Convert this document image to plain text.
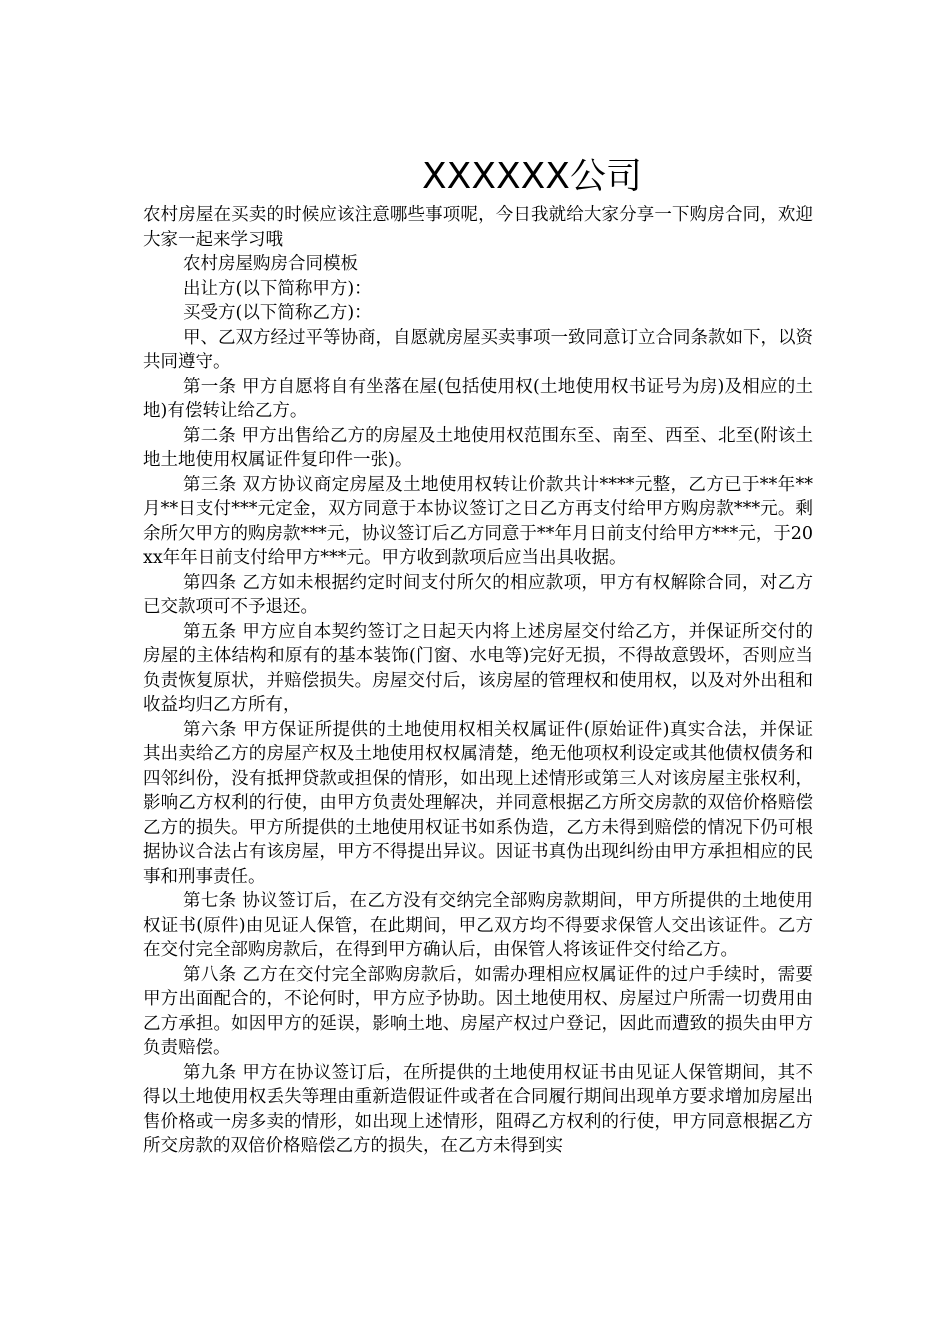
XXXXXX公司

农村房屋在买卖的时候应该注意哪些事项呢，今日我就给大家分享一下购房合同，欢迎大家一起来学习哦

农村房屋购房合同模板

出让方(以下简称甲方)：

买受方(以下简称乙方)：

甲、乙双方经过平等协商，自愿就房屋买卖事项一致同意订立合同条款如下，以资共同遵守。

第一条 甲方自愿将自有坐落在屋(包括使用权(土地使用权书证号为房)及相应的土地)有偿转让给乙方。

第二条 甲方出售给乙方的房屋及土地使用权范围东至、南至、西至、北至(附该土地土地使用权属证件复印件一张)。

第三条 双方协议商定房屋及土地使用权转让价款共计****元整，乙方已于**年**月**日支付***元定金，双方同意于本协议签订之日乙方再支付给甲方购房款***元。剩余所欠甲方的购房款***元，协议签订后乙方同意于**年月日前支付给甲方***元，于20xx年年日前支付给甲方***元。甲方收到款项后应当出具收据。

第四条 乙方如未根据约定时间支付所欠的相应款项，甲方有权解除合同，对乙方已交款项可不予退还。

第五条 甲方应自本契约签订之日起天内将上述房屋交付给乙方，并保证所交付的房屋的主体结构和原有的基本装饰(门窗、水电等)完好无损，不得故意毁坏，否则应当负责恢复原状，并赔偿损失。房屋交付后，该房屋的管理权和使用权，以及对外出租和收益均归乙方所有，

第六条 甲方保证所提供的土地使用权相关权属证件(原始证件)真实合法，并保证其出卖给乙方的房屋产权及土地使用权权属清楚，绝无他项权利设定或其他债权债务和四邻纠份，没有抵押贷款或担保的情形，如出现上述情形或第三人对该房屋主张权利，影响乙方权利的行使，由甲方负责处理解决，并同意根据乙方所交房款的双倍价格赔偿乙方的损失。甲方所提供的土地使用权证书如系伪造，乙方未得到赔偿的情况下仍可根据协议合法占有该房屋，甲方不得提出异议。因证书真伪出现纠纷由甲方承担相应的民事和刑事责任。

第七条 协议签订后，在乙方没有交纳完全部购房款期间，甲方所提供的土地使用权证书(原件)由见证人保管，在此期间，甲乙双方均不得要求保管人交出该证件。乙方在交付完全部购房款后，在得到甲方确认后，由保管人将该证件交付给乙方。

第八条 乙方在交付完全部购房款后，如需办理相应权属证件的过户手续时，需要甲方出面配合的，不论何时，甲方应予协助。因土地使用权、房屋过户所需一切费用由乙方承担。如因甲方的延误，影响土地、房屋产权过户登记，因此而遭致的损失由甲方负责赔偿。

第九条 甲方在协议签订后，在所提供的土地使用权证书由见证人保管期间，其不得以土地使用权丢失等理由重新造假证件或者在合同履行期间出现单方要求增加房屋出售价格或一房多卖的情形，如出现上述情形，阻碍乙方权利的行使，甲方同意根据乙方所交房款的双倍价格赔偿乙方的损失，在乙方未得到实
